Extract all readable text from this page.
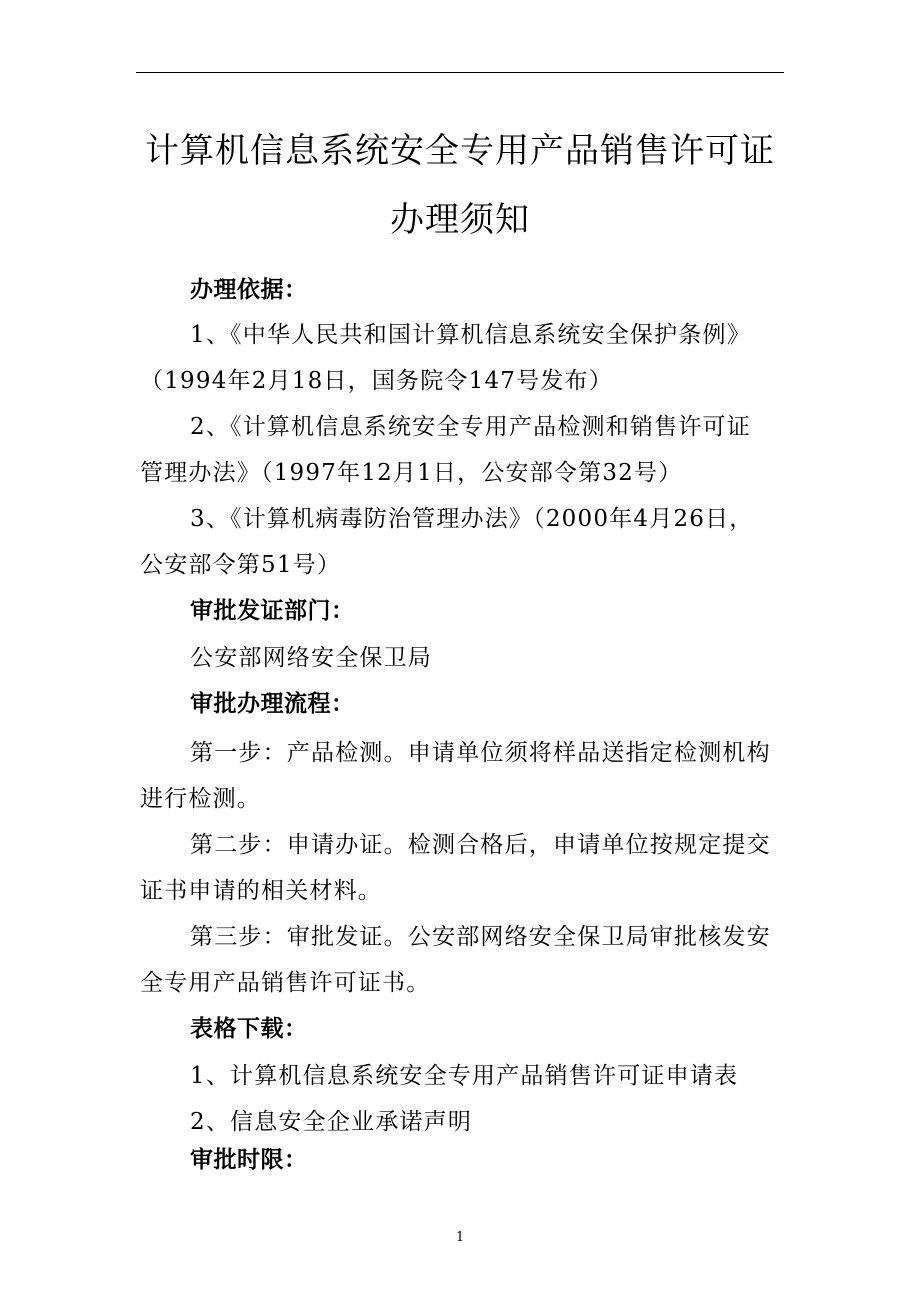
计算机信息系统安全专用产品销售许可证
办理须知
办理依据：
1、《中华人民共和国计算机信息系统安全保护条例》
（1994年2月18日，国务院令147号发布）
2、《计算机信息系统安全专用产品检测和销售许可证
管理办法》（1997年12月1日，公安部令第32号）
3、《计算机病毒防治管理办法》（2000年4月26日，
公安部令第51号）
审批发证部门：
公安部网络安全保卫局
审批办理流程：
第一步：产品检测。申请单位须将样品送指定检测机构
进行检测。
第二步：申请办证。检测合格后，申请单位按规定提交
证书申请的相关材料。
第三步：审批发证。公安部网络安全保卫局审批核发安
全专用产品销售许可证书。
表格下载：
1、计算机信息系统安全专用产品销售许可证申请表
2、信息安全企业承诺声明
审批时限：
1
